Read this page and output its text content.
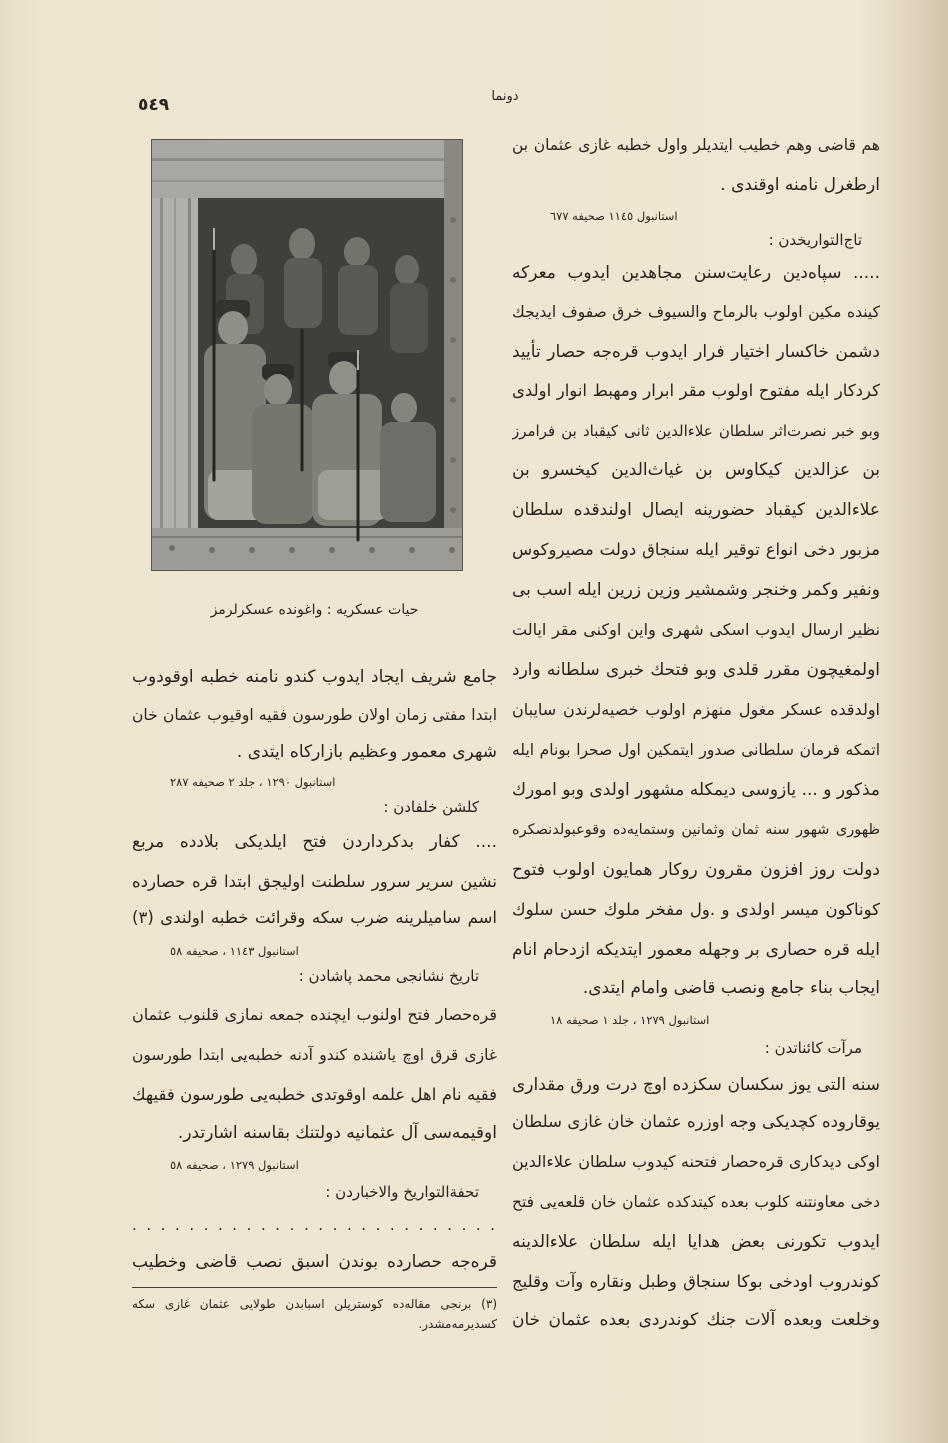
٥٤٩	دونما
هم قاضی وهم خطیب ایتدیلر واول خطبه غازی عثمان بن
ارطغرل نامنه اوقندی .
استانبول ١١٤٥ صحیفه ٦٧٧
تاج‌التواریخدن :
..... سپاه‌دین رعایت‌سنن مجاهدین ایدوب معرکه‌
کینده مکین اولوب بالرماح والسیوف خرق صفوف ایدیجك
دشمن خاکسار اختیار فرار ایدوب قره‌جه حصار تأیید
کردکار ایله مفتوح اولوب مقر ابرار ومهبط انوار اولدی
وبو خبر نصرت‌اثر سلطان علاءالدین ثانی کیقباد بن فرامرز
بن عزالدین کیکاوس بن غیاث‌الدین کیخسرو بن
علاءالدین کیقباد حضورینه ایصال اولندقده سلطان
مزبور دخی انواع توقیر ایله سنجاق دولت مصیروکوس
ونفیر وکمر وخنجر وشمشیر وزین زرین ایله اسب بی
نظیر ارسال ایدوب اسکی شهری واین اوکنی مقر ایالت
اولمغیچون مقرر قلدی وبو فتحك خبری سلطانه وارد
اولدقده عسکر مغول منهزم اولوب خصیه‌لرندن سایبان
اتمکه فرمان سلطانی صدور ایتمکین اول صحرا بونام ایله
مذکور و ... یازوسی دیمکله مشهور اولدی وبو امورك
ظهوری شهور سنه ثمان وثمانین وستمایه‌ده وقوعبولدنصکره
دولت روز افزون مقرون روکار همایون اولوب فتوح
کوناکون میسر اولدی و .ول مفخر ملوك حسن سلوك
ایله قره حصاری بر وجهله معمور ایتدیکه ازدحام انام
ایجاب بناء جامع ونصب قاضی وامام ایتدی.
استانبول ١٢٧٩ ، جلد ١ صحیفه ١٨
مرآت کائناتدن :
سنه التی یوز سکسان سکزده اوچ درت ورق مقداری
یوقاروده کچدیکی وجه اوزره عثمان خان غازی سلطان
اوکی دیدکاری قره‌حصار فتحنه کیدوب سلطان علاءالدین
دخی معاونتنه کلوب بعده کیتدکده عثمان خان قلعه‌یی فتح
ایدوب تکورنی بعض هدایا ایله سلطان علاءالدینه
کوندروب اودخی بوکا سنجاق وطبل ونقاره وآت وقلیج
وخلعت وبعده آلات جنك کوندردی بعده عثمان خان
حیات عسکریه : واغونده عسکرلرمز
جامع شریف ایجاد ایدوب کندو نامنه خطبه اوقودوب
ابتدا مفتی زمان اولان طورسون فقیه اوقیوب عثمان خان
شهری معمور وعظیم بازارکاه ایتدی .
استانبول ١٢٩٠ ، جلد ٢ صحیفه ٢٨٧
کلشن خلفادن :
.... کفار بدکرداردن فتح ایلدیکی بلادده مربع
نشین سریر سرور سلطنت اولیجق ابتدا قره حصارده
اسم سامیلرینه ضرب سکه وقرائت خطبه اولندی (٣)
استانبول ١١٤٣ ، صحیفه ٥٨
تاریخ نشانجی محمد پاشادن :
قره‌حصار فتح اولنوب ایچنده جمعه نمازی قلنوب عثمان
غازی قرق اوچ یاشنده کندو آدنه خطبه‌یی ابتدا طورسون
فقیه نام اهل علمه اوقوتدی خطبه‌یی طورسون فقیهك
اوقیمه‌سی آل عثمانیه دولتنك بقاسنه اشارتدر.
استانبول ١٢٧٩ ، صحیفه ٥٨
تحفة‌التواریخ والاخباردن :
. . . . . . . . . . . . . . . . . . . . . . . . . .
قره‌جه حصارده بوندن اسبق نصب قاضی وخطیب
(٣) برنجی مقاله‌ده کوستریلن اسبابدن طولایی عثمان غازی سکه
کسدیرمه‌مشدر.
